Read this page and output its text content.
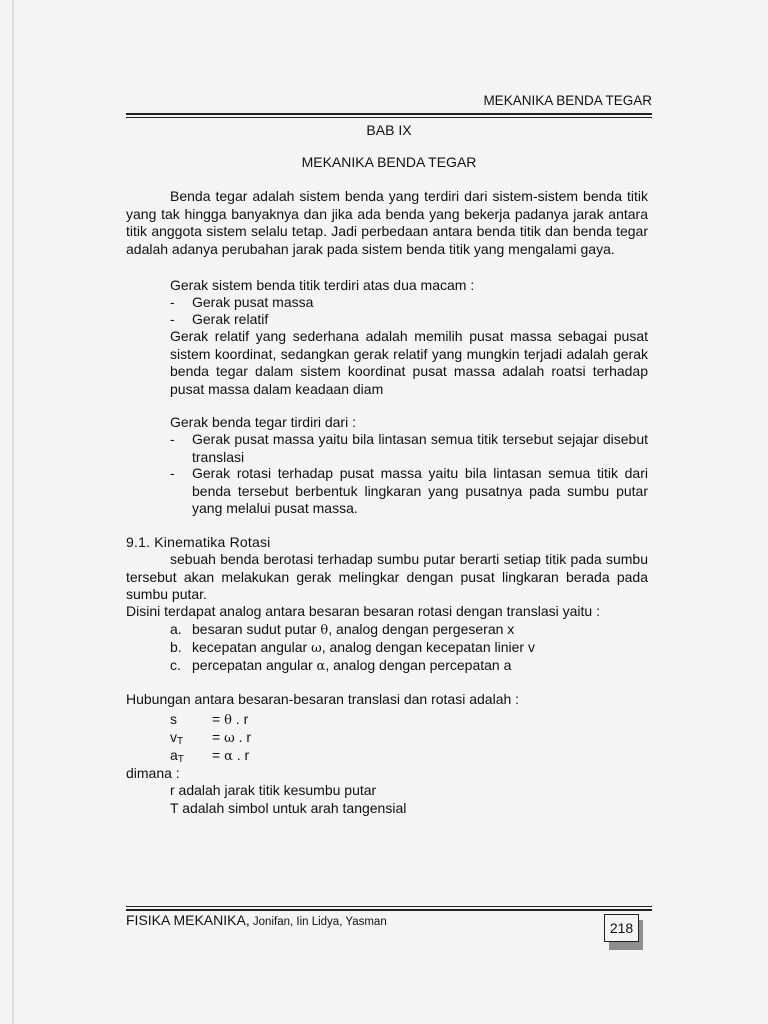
MEKANIKA BENDA TEGAR
BAB IX
MEKANIKA BENDA TEGAR

Benda tegar adalah sistem benda yang terdiri dari sistem-sistem benda titik yang tak hingga banyaknya dan jika ada benda yang bekerja padanya jarak antara titik anggota sistem selalu tetap. Jadi perbedaan antara benda titik dan benda tegar adalah adanya perubahan jarak pada sistem benda titik yang mengalami gaya.

Gerak sistem benda titik terdiri atas dua macam :

- Gerak pusat massa

- Gerak relatif

Gerak relatif yang sederhana adalah memilih pusat massa sebagai pusat sistem koordinat, sedangkan gerak relatif yang mungkin terjadi adalah gerak benda tegar dalam sistem koordinat pusat massa adalah roatsi terhadap pusat massa dalam keadaan diam

Gerak benda tegar tirdiri dari :

- Gerak pusat massa yaitu bila lintasan semua titik tersebut sejajar disebut translasi

- Gerak rotasi terhadap pusat massa yaitu bila lintasan semua titik dari benda tersebut berbentuk lingkaran yang pusatnya pada sumbu putar yang melalui pusat massa.

9.1. Kinematika Rotasi

sebuah benda berotasi terhadap sumbu putar berarti setiap titik pada sumbu tersebut akan melakukan gerak melingkar dengan pusat lingkaran berada pada sumbu putar.

Disini terdapat analog antara besaran besaran rotasi dengan translasi yaitu :

a. besaran sudut putar θ, analog dengan pergeseran x

b. kecepatan angular ω, analog dengan kecepatan linier v

c. percepatan angular α, analog dengan percepatan a

Hubungan antara besaran-besaran translasi dan rotasi adalah :

s	= θ . r

$v_T = \omega$ . r

$a_T = \alpha$ . r

dimana :

r adalah jarak titik kesumbu putar

T adalah simbol untuk arah tangensial

FISIKA MEKANIKA, Jonifan, Iin Lidya, Yasman	218
